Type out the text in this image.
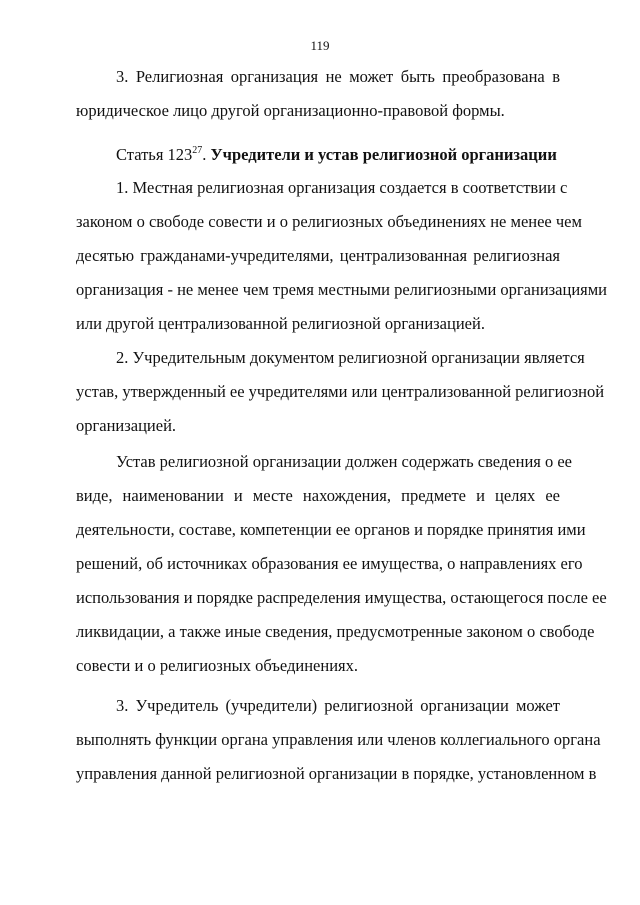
119
3. Религиозная организация не может быть преобразована в
юридическое лицо другой организационно-правовой формы.
Статья $123^{27}$. Учредители и устав религиозной организации
1. Местная религиозная организация создается в соответствии с
законом о свободе совести и о религиозных объединениях не менее чем
десятью гражданами-учредителями, централизованная религиозная
организация - не менее чем тремя местными религиозными организациями
или другой централизованной религиозной организацией.
2. Учредительным документом религиозной организации является
устав, утвержденный ее учредителями или централизованной религиозной
организацией.
Устав религиозной организации должен содержать сведения о ее
виде, наименовании и месте нахождения, предмете и целях ее
деятельности, составе, компетенции ее органов и порядке принятия ими
решений, об источниках образования ее имущества, о направлениях его
использования и порядке распределения имущества, остающегося после ее
ликвидации, а также иные сведения, предусмотренные законом о свободе
совести и о религиозных объединениях.
3. Учредитель (учредители) религиозной организации может
выполнять функции органа управления или членов коллегиального органа
управления данной религиозной организации в порядке, установленном в
